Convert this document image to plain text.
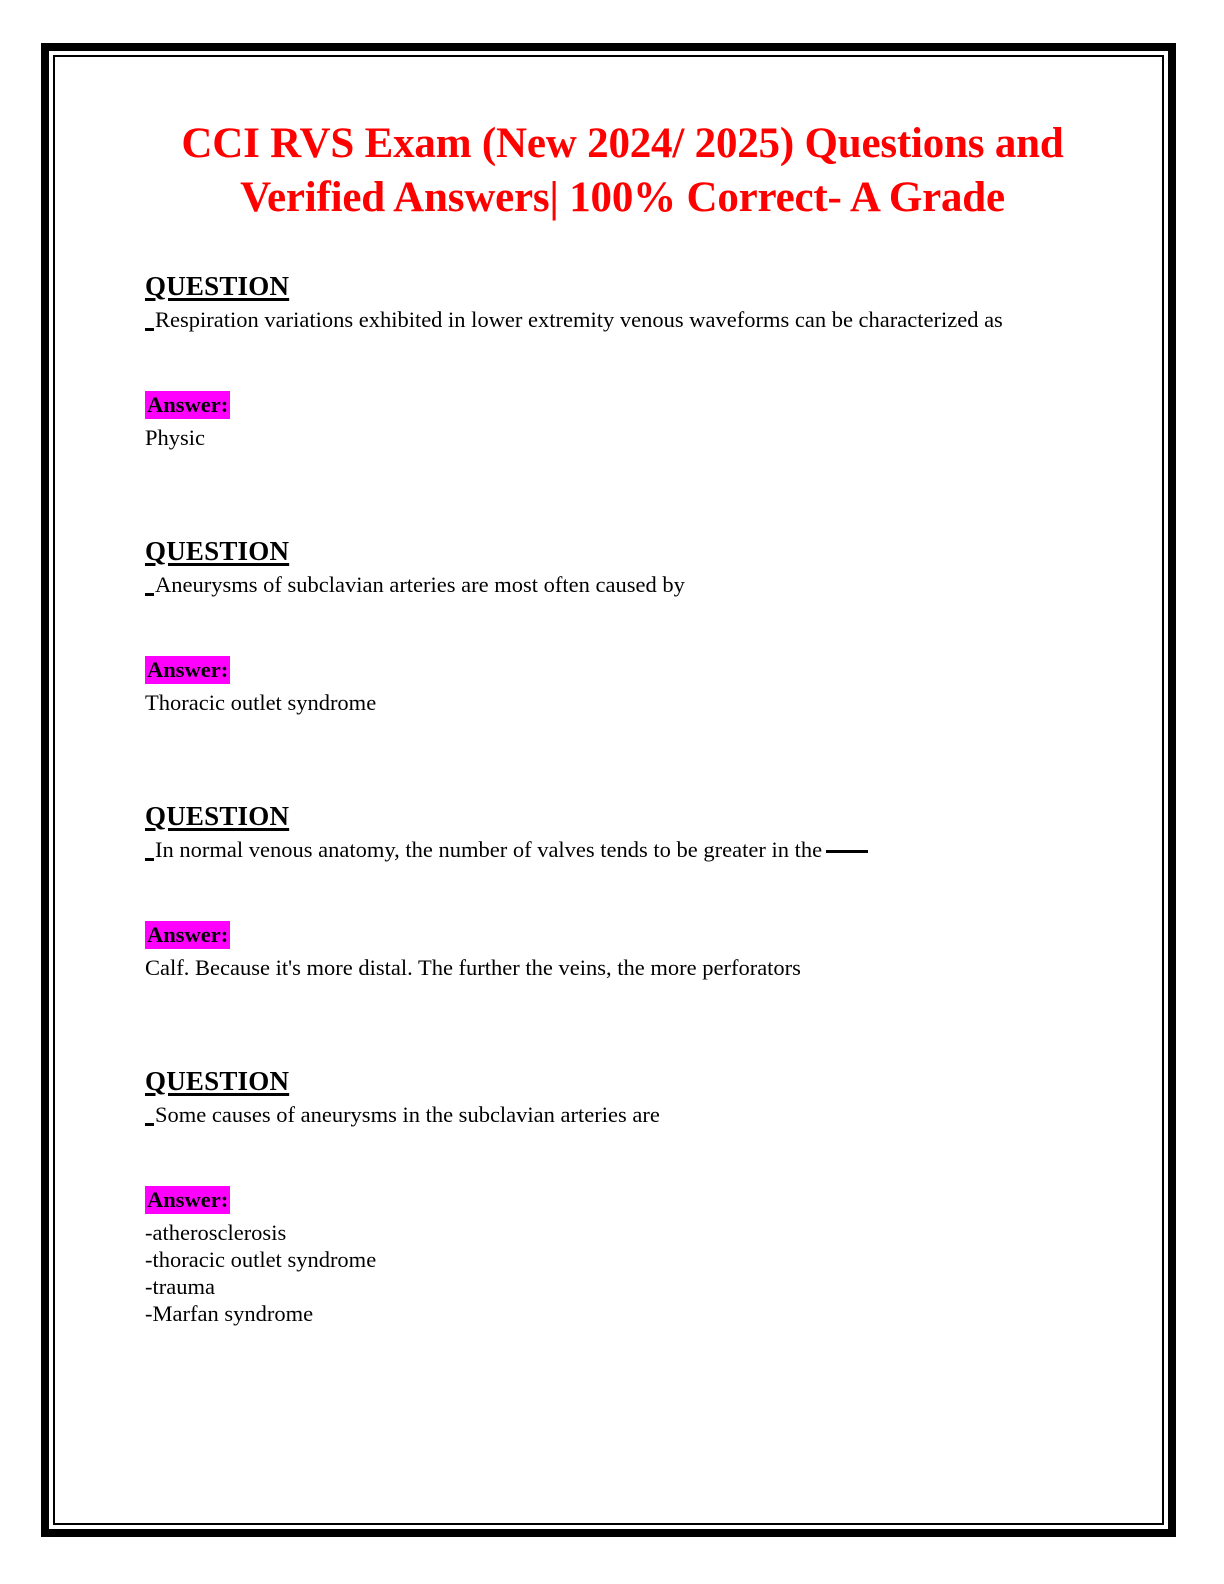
CCI RVS Exam (New 2024/ 2025) Questions and Verified Answers| 100% Correct- A Grade
QUESTION
Respiration variations exhibited in lower extremity venous waveforms can be characterized as
Answer:
Physic
QUESTION
Aneurysms of subclavian arteries are most often caused by
Answer:
Thoracic outlet syndrome
QUESTION
In normal venous anatomy, the number of valves tends to be greater in the
Answer:
Calf. Because it's more distal. The further the veins, the more perforators
QUESTION
Some causes of aneurysms in the subclavian arteries are
Answer:
-atherosclerosis
-thoracic outlet syndrome
-trauma
-Marfan syndrome
